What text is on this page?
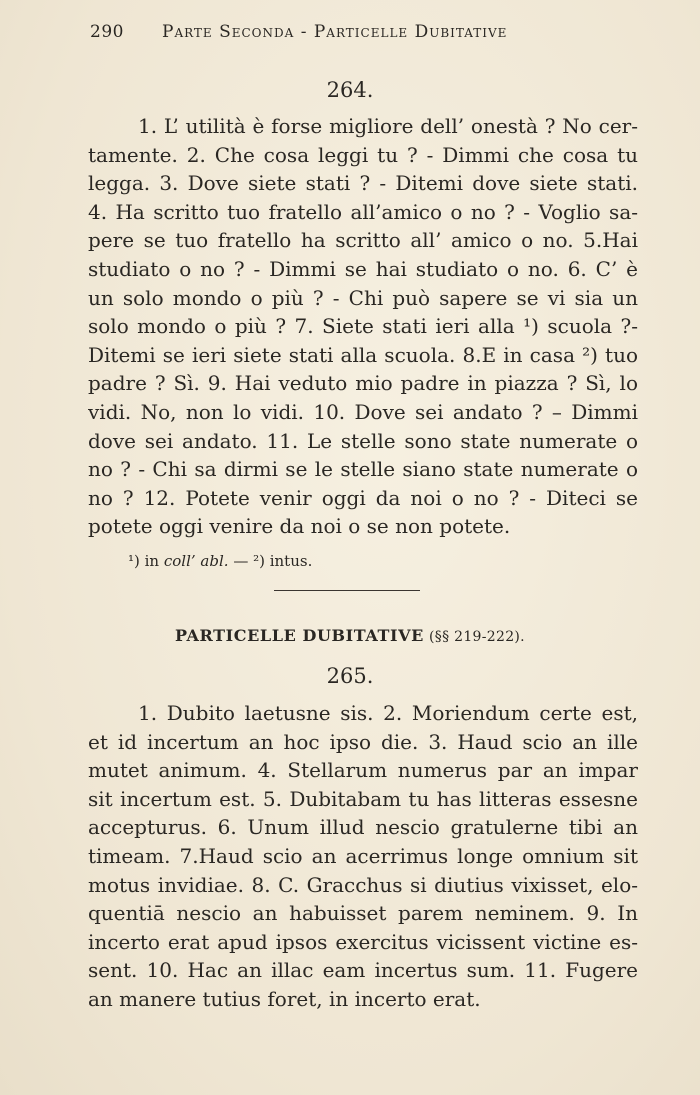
290 Parte Seconda - Particelle Dubitative
264.
1. L’ utilità è forse migliore dell’ onestà ? No cer-
tamente. 2. Che cosa leggi tu ? - Dimmi che cosa tu
legga. 3. Dove siete stati ? - Ditemi dove siete stati.
4. Ha scritto tuo fratello all’amico o no ? - Voglio sa-
pere se tuo fratello ha scritto all’ amico o no. 5.Hai
studiato o no ? - Dimmi se hai studiato o no. 6. C’ è
un solo mondo o più ? - Chi può sapere se vi sia un
solo mondo o più ? 7. Siete stati ieri alla ¹) scuola ?-
Ditemi se ieri siete stati alla scuola. 8.E in casa ²) tuo
padre ? Sì. 9. Hai veduto mio padre in piazza ? Sì, lo
vidi. No, non lo vidi. 10. Dove sei andato ? – Dimmi
dove sei andato. 11. Le stelle sono state numerate o
no ? - Chi sa dirmi se le stelle siano state numerate o
no ? 12. Potete venir oggi da noi o no ? - Diteci se
potete oggi venire da noi o se non potete.
¹) in coll’ abl. — ²) intus.
PARTICELLE DUBITATIVE (§§ 219-222).
265.
1. Dubito laetusne sis. 2. Moriendum certe est,
et id incertum an hoc ipso die. 3. Haud scio an ille
mutet animum. 4. Stellarum numerus par an impar
sit incertum est. 5. Dubitabam tu has litteras essesne
accepturus. 6. Unum illud nescio gratulerne tibi an
timeam. 7.Haud scio an acerrimus longe omnium sit
motus invidiae. 8. C. Gracchus si diutius vixisset, elo-
quentiā nescio an habuisset parem neminem. 9. In
incerto erat apud ipsos exercitus vicissent victine es-
sent. 10. Hac an illac eam incertus sum. 11. Fugere
an manere tutius foret, in incerto erat.
